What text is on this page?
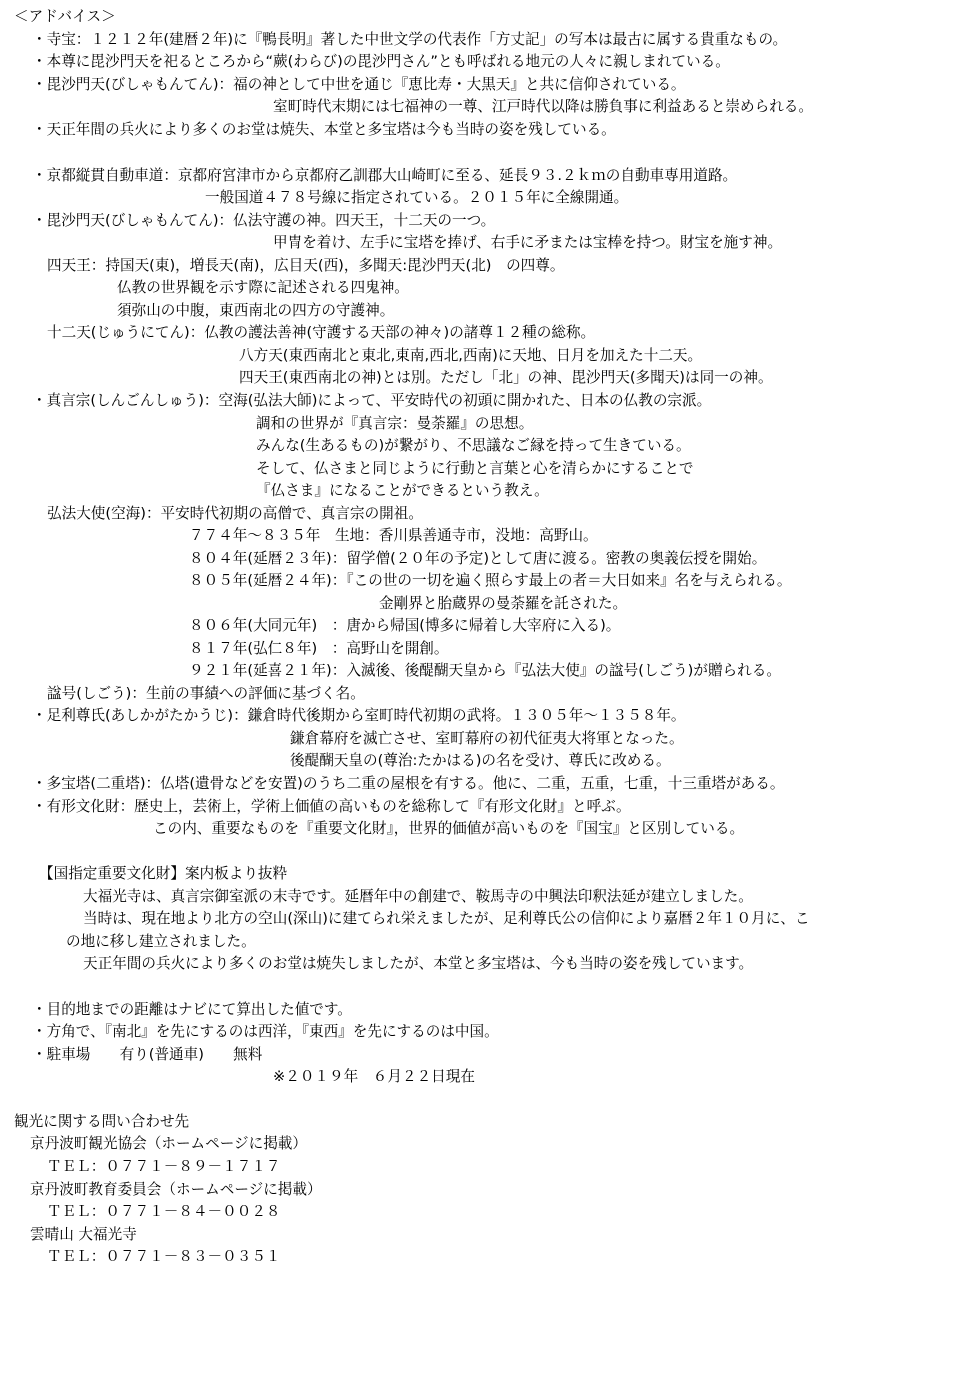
＜アドバイス＞
・寺宝：１２１２年(建暦２年)に『鴨長明』著した中世文学の代表作「方丈記」の写本は最古に属する貴重なもの。
・本尊に毘沙門天を祀るところから“蕨(わらび)の毘沙門さん”とも呼ばれる地元の人々に親しまれている。
・毘沙門天(びしゃもんてん)：福の神として中世を通じ『恵比寿・大黒天』と共に信仰されている。
室町時代末期には七福神の一尊、江戸時代以降は勝負事に利益あると崇められる。
・天正年間の兵火により多くのお堂は焼失、本堂と多宝塔は今も当時の姿を残している。
・京都縦貫自動車道：京都府宮津市から京都府乙訓郡大山崎町に至る、延長９３.２ｋｍの自動車専用道路。
一般国道４７８号線に指定されている。２０１５年に全線開通。
・毘沙門天(びしゃもんてん)：仏法守護の神。四天王，十二天の一つ。
甲冑を着け、左手に宝塔を捧げ、右手に矛または宝棒を持つ。財宝を施す神。
四天王：持国天(東)，増長天(南)，広目天(西)，多聞天:毘沙門天(北)　の四尊。
仏教の世界観を示す際に記述される四鬼神。
須弥山の中腹，東西南北の四方の守護神。
十二天(じゅうにてん)：仏教の護法善神(守護する天部の神々)の諸尊１２種の総称。
八方天(東西南北と東北,東南,西北,西南)に天地、日月を加えた十二天。
四天王(東西南北の神)とは別。ただし「北」の神、毘沙門天(多聞天)は同一の神。
・真言宗(しんごんしゅう)：空海(弘法大師)によって、平安時代の初頭に開かれた、日本の仏教の宗派。
調和の世界が『真言宗：曼荼羅』の思想。
みんな(生あるもの)が繋がり、不思議なご縁を持って生きている。
そして、仏さまと同じように行動と言葉と心を清らかにすることで
『仏さま』になることができるという教え。
弘法大使(空海)：平安時代初期の高僧で、真言宗の開祖。
７７４年～８３５年　生地：香川県善通寺市，没地：高野山。
８０４年(延暦２３年)：留学僧(２０年の予定)として唐に渡る。密教の奥義伝授を開始。
８０５年(延暦２４年)：『この世の一切を遍く照らす最上の者＝大日如来』名を与えられる。
金剛界と胎蔵界の曼荼羅を託された。
８０６年(大同元年)　：唐から帰国(博多に帰着し大宰府に入る)。
８１７年(弘仁８年)　：高野山を開創。
９２１年(延喜２１年)：入滅後、後醍醐天皇から『弘法大使』の諡号(しごう)が贈られる。
諡号(しごう)：生前の事績への評価に基づく名。
・足利尊氏(あしかがたかうじ)：鎌倉時代後期から室町時代初期の武将。１３０５年～１３５８年。
鎌倉幕府を滅亡させ、室町幕府の初代征夷大将軍となった。
後醍醐天皇の(尊治:たかはる)の名を受け、尊氏に改める。
・多宝塔(二重塔)：仏塔(遺骨などを安置)のうち二重の屋根を有する。他に、二重，五重，七重，十三重塔がある。
・有形文化財：歴史上，芸術上，学術上価値の高いものを総称して『有形文化財』と呼ぶ。
この内、重要なものを『重要文化財』，世界的価値が高いものを『国宝』と区別している。
【国指定重要文化財】案内板より抜粋
大福光寺は、真言宗御室派の末寺です。延暦年中の創建で、鞍馬寺の中興法印釈法延が建立しました。
当時は、現在地より北方の空山(深山)に建てられ栄えましたが、足利尊氏公の信仰により嘉暦２年１０月に、こ
の地に移し建立されました。
天正年間の兵火により多くのお堂は焼失しましたが、本堂と多宝塔は、今も当時の姿を残しています。
・目的地までの距離はナビにて算出した値です。
・方角で、『南北』を先にするのは西洋，『東西』を先にするのは中国。
・駐車場　　有り(普通車)　　無料
※２０１９年　６月２２日現在
観光に関する問い合わせ先
京丹波町観光協会（ホームページに掲載）
ＴＥＬ：０７７１－８９－１７１７
京丹波町教育委員会（ホームページに掲載）
ＴＥＬ：０７７１－８４－００２８
雲晴山 大福光寺
ＴＥＬ：０７７１－８３－０３５１
